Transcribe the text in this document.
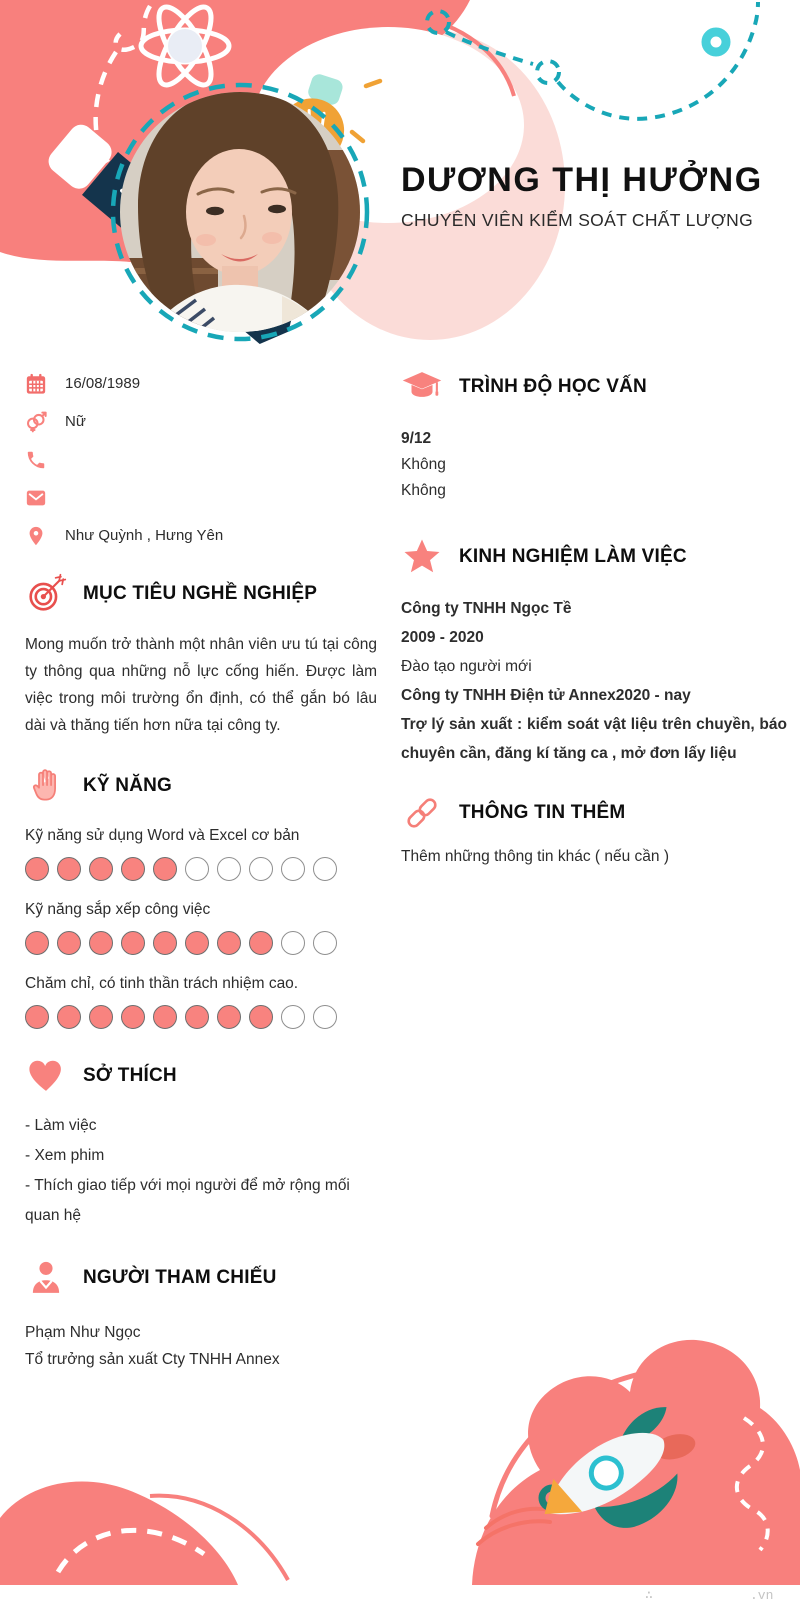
DƯƠNG THỊ HƯỞNG
CHUYÊN VIÊN KIỂM SOÁT CHẤT LƯỢNG
16/08/1989
Nữ
Như Quỳnh , Hưng Yên
MỤC TIÊU NGHỀ NGHIỆP

Mong muốn trở thành một nhân viên ưu tú tại công ty thông qua những nỗ lực cống hiến. Được làm việc trong môi trường ổn định, có thể gắn bó lâu dài và thăng tiến hơn nữa tại công ty.

KỸ NĂNG
Kỹ năng sử dụng Word và Excel cơ bản
Kỹ năng sắp xếp công việc
Chăm chỉ, có tinh thần trách nhiệm cao.
SỞ THÍCH
- Làm việc
- Xem phim
- Thích giao tiếp với mọi người để mở rộng mối quan hệ
NGƯỜI THAM CHIẾU
Phạm Như Ngọc
Tổ trưởng sản xuất Cty TNHH Annex
TRÌNH ĐỘ HỌC VẤN
9/12
Không
Không
KINH NGHIỆM LÀM VIỆC
Công ty TNHH Ngọc Tề
2009 - 2020
Đào tạo người mới
Công ty TNHH Điện tử Annex2020 - nay
Trợ lý sản xuất : kiểm soát vật liệu trên chuyền, báo chuyên cần, đăng kí tăng ca , mở đơn lấy liệu
THÔNG TIN THÊM
Thêm những thông tin khác ( nếu cần )
∴	.vn
